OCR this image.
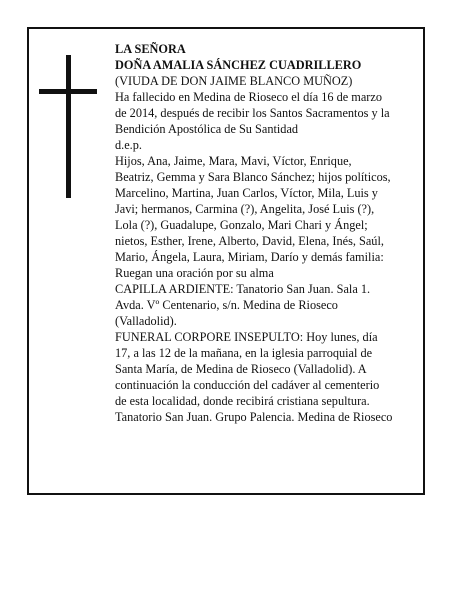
LA SEÑORA
DOÑA AMALIA SÁNCHEZ CUADRILLERO
(VIUDA DE DON JAIME BLANCO MUÑOZ)
Ha fallecido en Medina de Rioseco el día 16 de marzo
de 2014, después de recibir los Santos Sacramentos y la
Bendición Apostólica de Su Santidad
d.e.p.
Hijos, Ana, Jaime, Mara, Mavi, Víctor, Enrique,
Beatriz, Gemma y Sara Blanco Sánchez; hijos políticos,
Marcelino, Martina, Juan Carlos, Víctor, Mila, Luis y
Javi; hermanos, Carmina (?), Angelita, José Luis (?),
Lola (?), Guadalupe, Gonzalo, Mari Chari y Ángel;
nietos, Esther, Irene, Alberto, David, Elena, Inés, Saúl,
Mario, Ángela, Laura, Miriam, Darío y demás familia:
Ruegan una oración por su alma
CAPILLA ARDIENTE: Tanatorio San Juan. Sala 1.
Avda. Vº Centenario, s/n. Medina de Rioseco
(Valladolid).
FUNERAL CORPORE INSEPULTO: Hoy lunes, día
17, a las 12 de la mañana, en la iglesia parroquial de
Santa María, de Medina de Rioseco (Valladolid). A
continuación la conducción del cadáver al cementerio
de esta localidad, donde recibirá cristiana sepultura.
Tanatorio San Juan. Grupo Palencia. Medina de Rioseco
